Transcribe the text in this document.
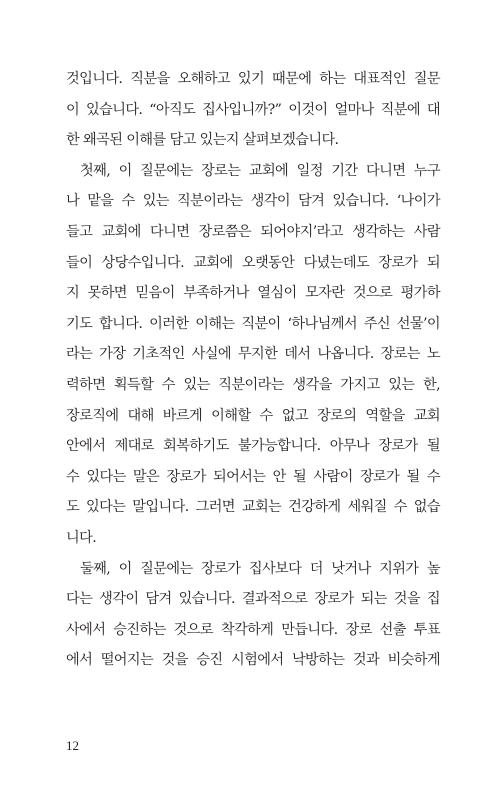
것입니다. 직분을 오해하고 있기 때문에 하는 대표적인 질문
이 있습니다. “아직도 집사입니까?” 이것이 얼마나 직분에 대
한 왜곡된 이해를 담고 있는지 살펴보겠습니다.
첫째, 이 질문에는 장로는 교회에 일정 기간 다니면 누구
나 맡을 수 있는 직분이라는 생각이 담겨 있습니다. ‘나이가
들고 교회에 다니면 장로쯤은 되어야지’라고 생각하는 사람
들이 상당수입니다. 교회에 오랫동안 다녔는데도 장로가 되
지 못하면 믿음이 부족하거나 열심이 모자란 것으로 평가하
기도 합니다. 이러한 이해는 직분이 ‘하나님께서 주신 선물’이
라는 가장 기초적인 사실에 무지한 데서 나옵니다. 장로는 노
력하면 획득할 수 있는 직분이라는 생각을 가지고 있는 한,
장로직에 대해 바르게 이해할 수 없고 장로의 역할을 교회
안에서 제대로 회복하기도 불가능합니다. 아무나 장로가 될
수 있다는 말은 장로가 되어서는 안 될 사람이 장로가 될 수
도 있다는 말입니다. 그러면 교회는 건강하게 세워질 수 없습
니다.
둘째, 이 질문에는 장로가 집사보다 더 낫거나 지위가 높
다는 생각이 담겨 있습니다. 결과적으로 장로가 되는 것을 집
사에서 승진하는 것으로 착각하게 만듭니다. 장로 선출 투표
에서 떨어지는 것을 승진 시험에서 낙방하는 것과 비슷하게
12
